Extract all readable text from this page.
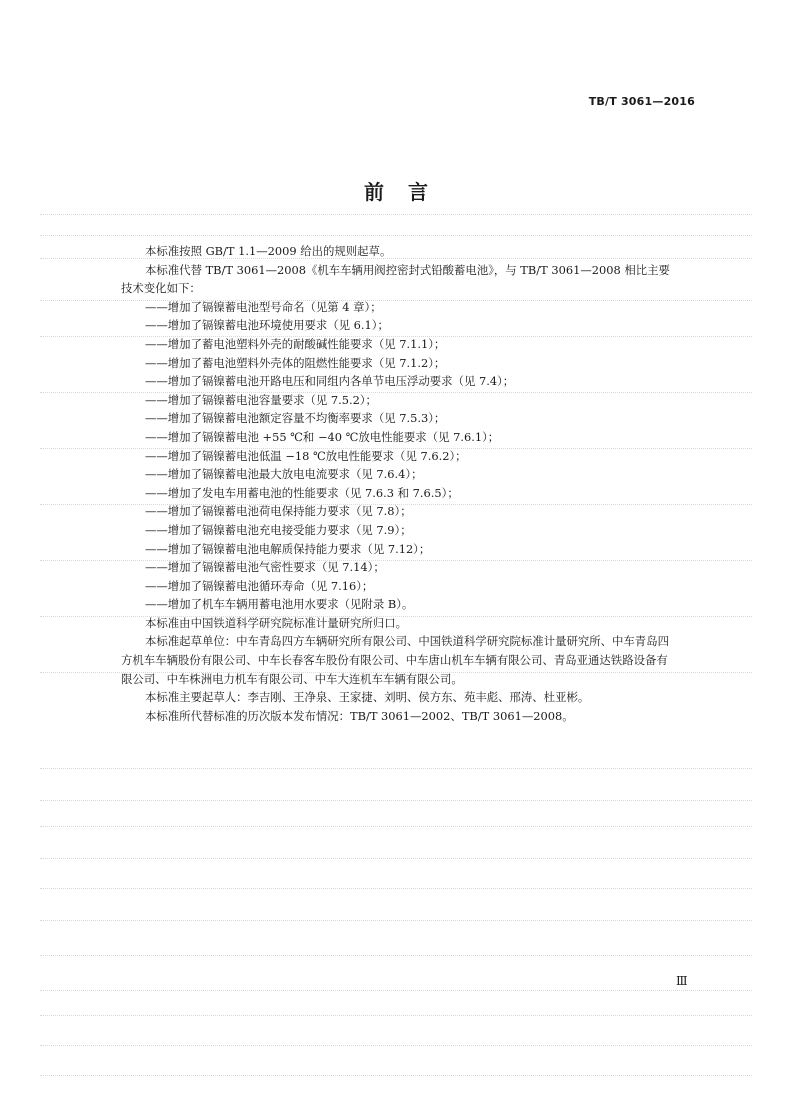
TB/T 3061—2016
前言

本标准按照 GB/T 1.1—2009 给出的规则起草。

本标准代替 TB/T 3061—2008《机车车辆用阀控密封式铅酸蓄电池》，与 TB/T 3061—2008 相比主要技术变化如下：

——增加了镉镍蓄电池型号命名（见第 4 章）；
——增加了镉镍蓄电池环境使用要求（见 6.1）；
——增加了蓄电池塑料外壳的耐酸碱性能要求（见 7.1.1）；
——增加了蓄电池塑料外壳体的阻燃性能要求（见 7.1.2）；
——增加了镉镍蓄电池开路电压和同组内各单节电压浮动要求（见 7.4）；
——增加了镉镍蓄电池容量要求（见 7.5.2）；
——增加了镉镍蓄电池额定容量不均衡率要求（见 7.5.3）；
——增加了镉镍蓄电池 +55 ℃和 −40 ℃放电性能要求（见 7.6.1）；
——增加了镉镍蓄电池低温 −18 ℃放电性能要求（见 7.6.2）；
——增加了镉镍蓄电池最大放电电流要求（见 7.6.4）；
——增加了发电车用蓄电池的性能要求（见 7.6.3 和 7.6.5）；
——增加了镉镍蓄电池荷电保持能力要求（见 7.8）；
——增加了镉镍蓄电池充电接受能力要求（见 7.9）；
——增加了镉镍蓄电池电解质保持能力要求（见 7.12）；
——增加了镉镍蓄电池气密性要求（见 7.14）；
——增加了镉镍蓄电池循环寿命（见 7.16）；
——增加了机车车辆用蓄电池用水要求（见附录 B）。

本标准由中国铁道科学研究院标准计量研究所归口。

本标准起草单位：中车青岛四方车辆研究所有限公司、中国铁道科学研究院标准计量研究所、中车青岛四方机车车辆股份有限公司、中车长春客车股份有限公司、中车唐山机车车辆有限公司、青岛亚通达铁路设备有限公司、中车株洲电力机车有限公司、中车大连机车车辆有限公司。

本标准主要起草人：李吉刚、王净泉、王家捷、刘明、侯方东、苑丰彪、邢涛、杜亚彬。

本标准所代替标准的历次版本发布情况：TB/T 3061—2002、TB/T 3061—2008。

Ⅲ
